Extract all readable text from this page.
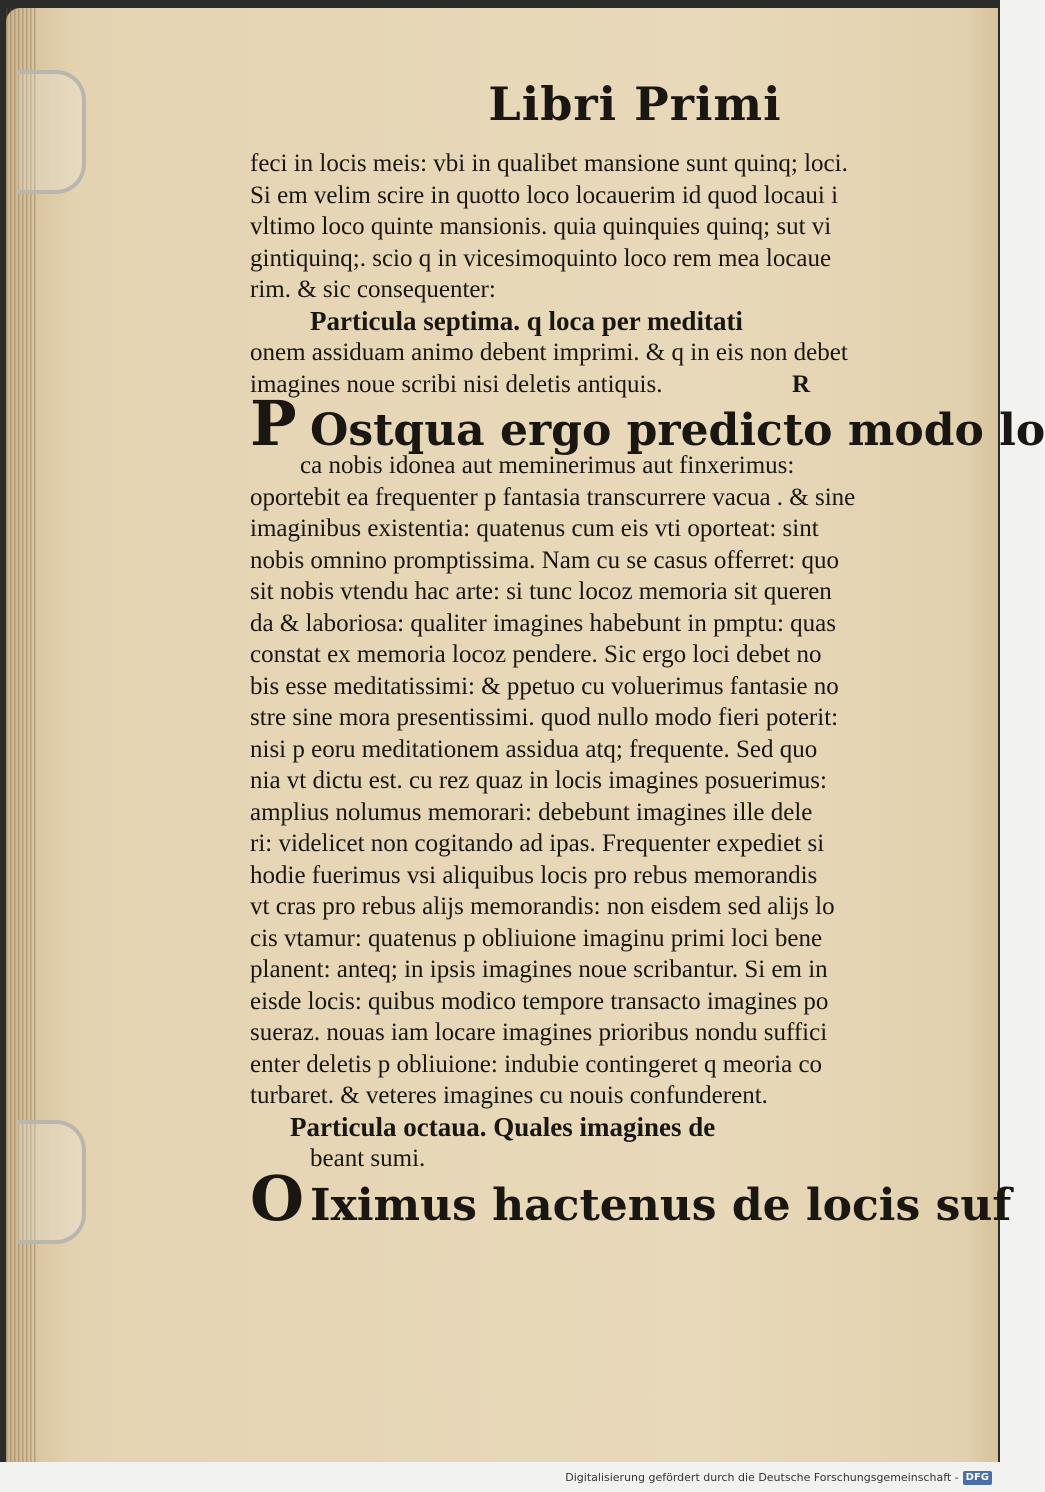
Libri Primi
feci in locis meis: vbi in qualibet mansione sunt quinq; loci.
Si em velim scire in quotto loco locauerim id quod locaui i
vltimo loco quinte mansionis. quia quinquies quinq; sut vi
gintiquinq;. scio q in vicesimoquinto loco rem mea locaue
rim. & sic consequenter:
Particula septima. q loca per meditati
onem assiduam animo debent imprimi. & q in eis non debet
imagines noue scribi nisi deletis antiquis.	R
P Ostqua ergo predicto modo lo
ca nobis idonea aut meminerimus aut finxerimus:
oportebit ea frequenter p fantasia transcurrere vacua . & sine
imaginibus existentia: quatenus cum eis vti oporteat: sint
nobis omnino promptissima. Nam cu se casus offerret: quo
sit nobis vtendu hac arte: si tunc locoz memoria sit queren
da & laboriosa: qualiter imagines habebunt in pmptu: quas
constat ex memoria locoz pendere. Sic ergo loci debet no
bis esse meditatissimi: & ppetuo cu voluerimus fantasie no
stre sine mora presentissimi. quod nullo modo fieri poterit:
nisi p eoru meditationem assidua atq; frequente. Sed quo
nia vt dictu est. cu rez quaz in locis imagines posuerimus:
amplius nolumus memorari: debebunt imagines ille dele
ri: videlicet non cogitando ad ipas. Frequenter expediet si
hodie fuerimus vsi aliquibus locis pro rebus memorandis
vt cras pro rebus alijs memorandis: non eisdem sed alijs lo
cis vtamur: quatenus p obliuione imaginu primi loci bene
planent: anteq; in ipsis imagines noue scribantur. Si em in
eisde locis: quibus modico tempore transacto imagines po
sueraz. nouas iam locare imagines prioribus nondu suffici
enter deletis p obliuione: indubie contingeret q meoria co
turbaret. & veteres imagines cu nouis confunderent.
Particula octaua. Quales imagines de
beant sumi.
O Iximus hactenus de locis suf
Digitalisierung gefördert durch die Deutsche Forschungsgemeinschaft - DFG
